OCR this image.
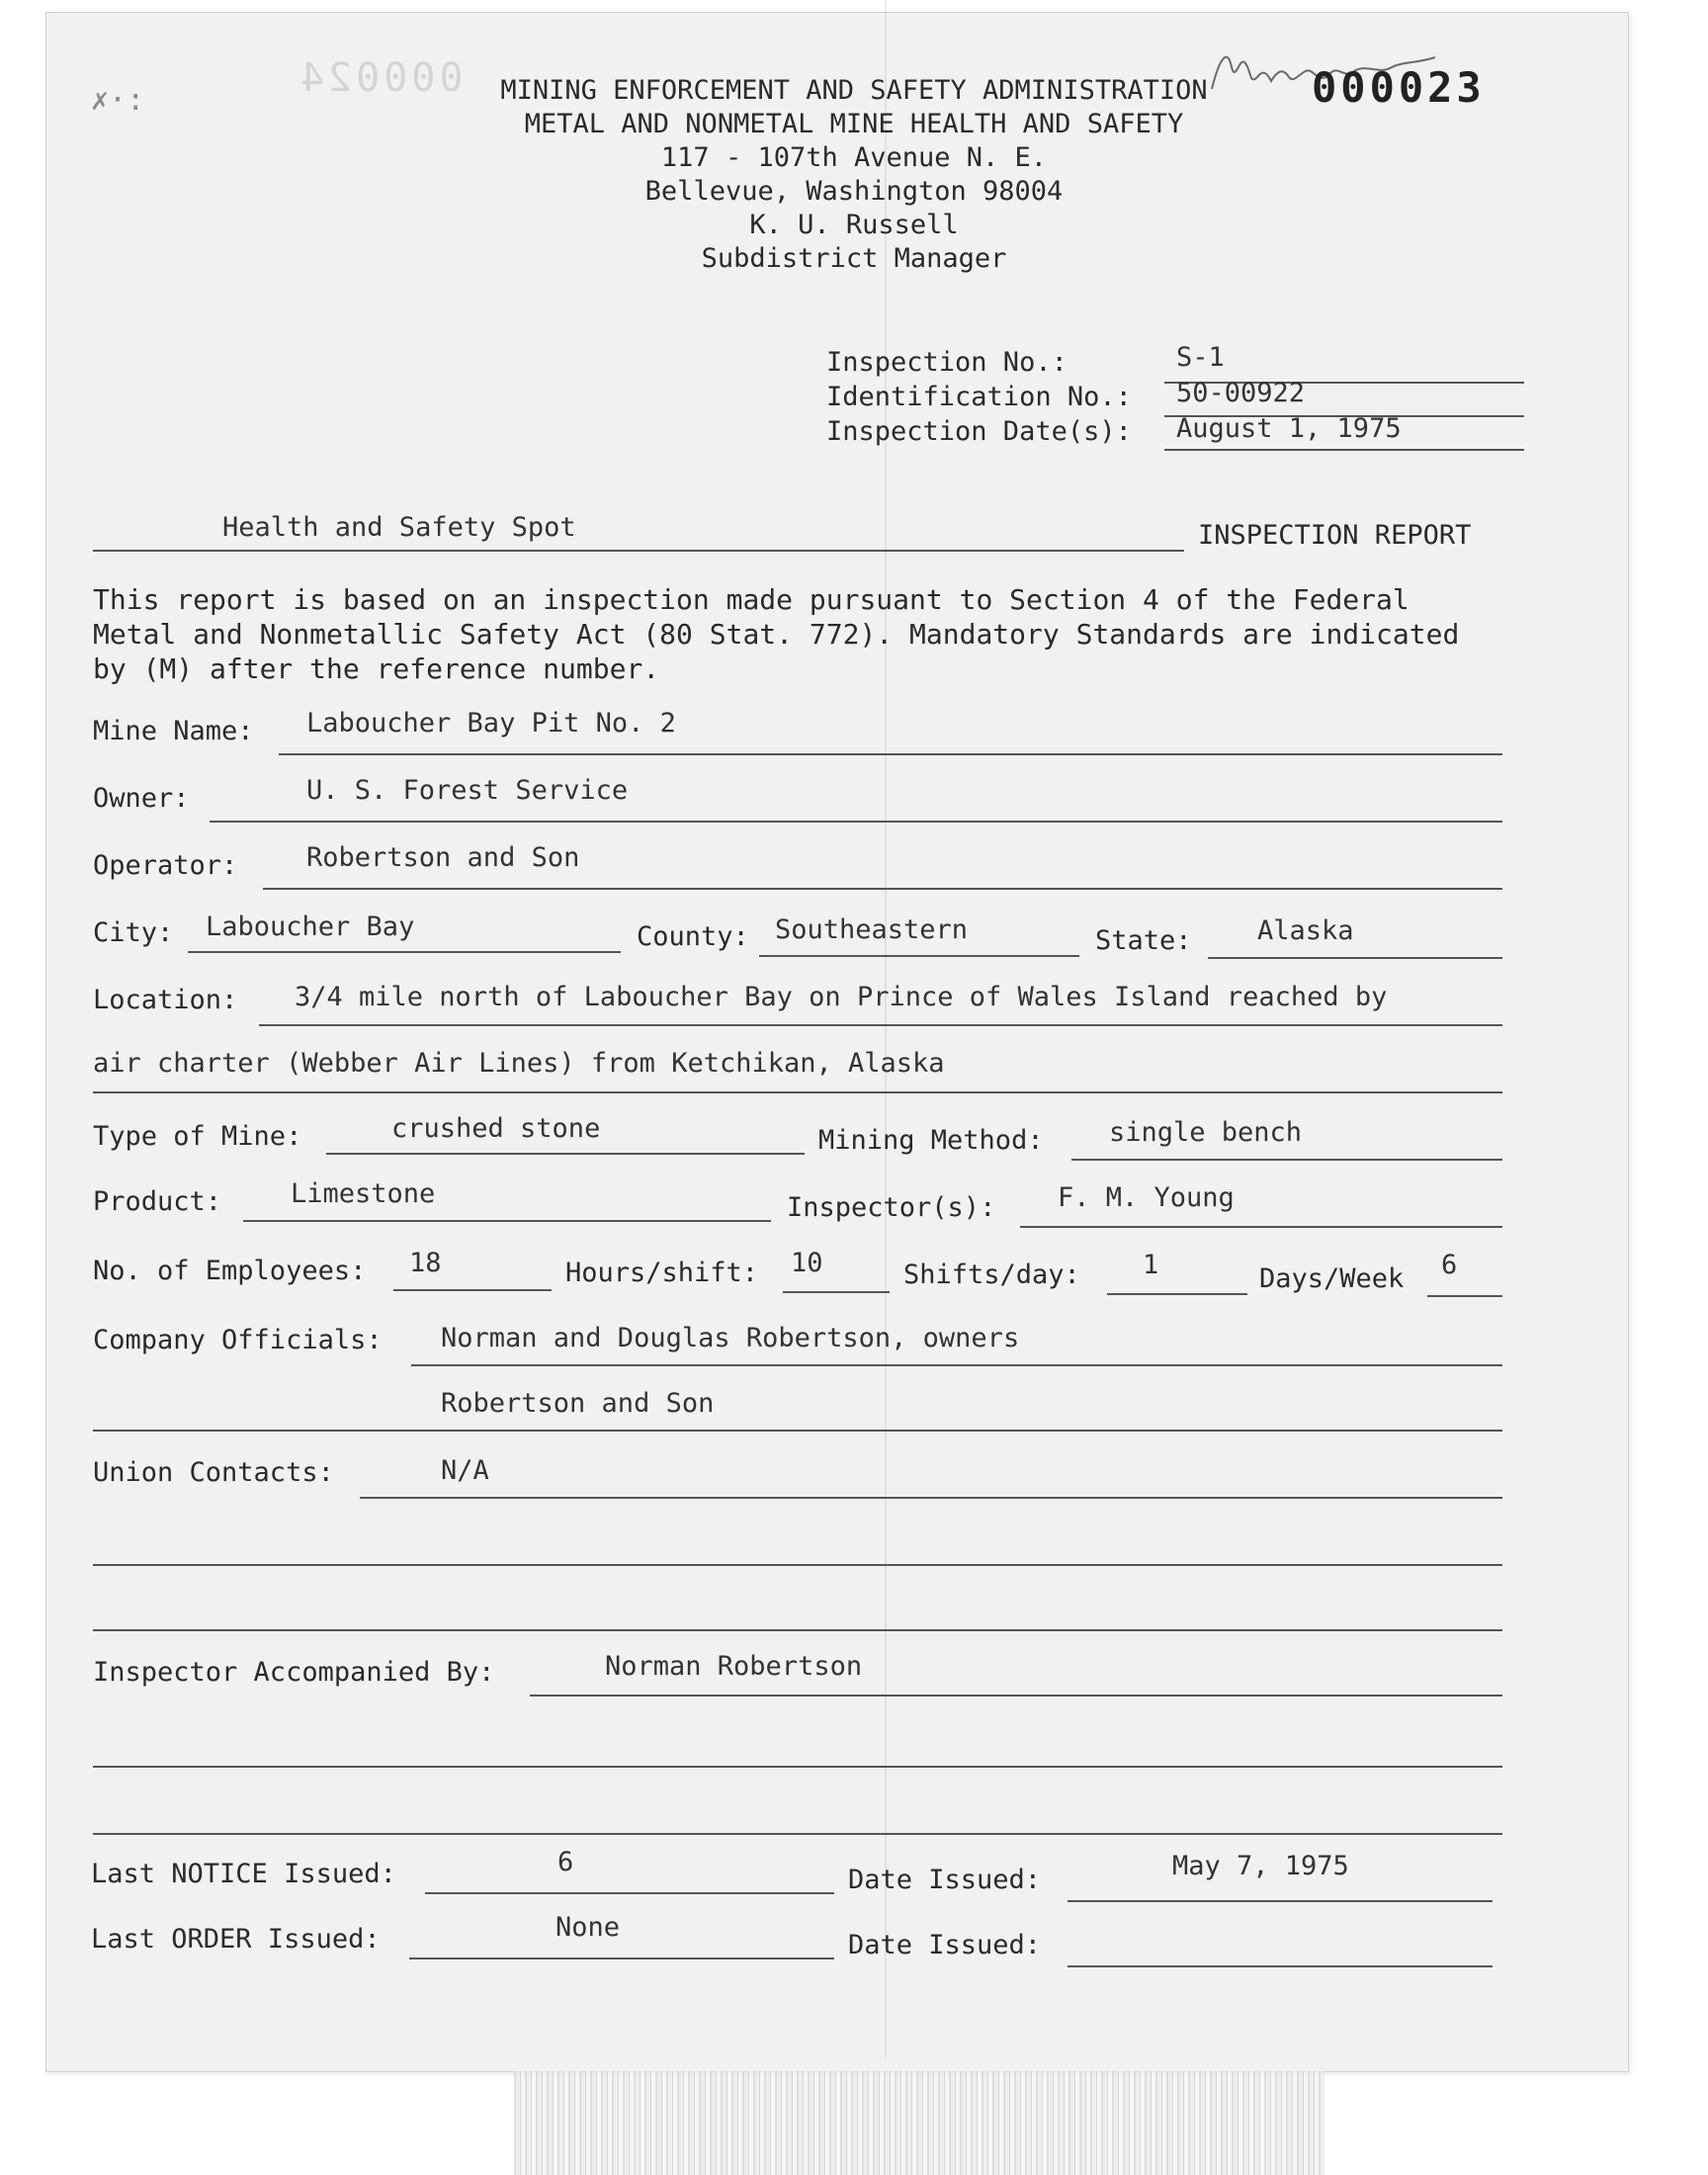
✗·:	000024	000023
MINING ENFORCEMENT AND SAFETY ADMINISTRATION
METAL AND NONMETAL MINE HEALTH AND SAFETY
117 - 107th Avenue N. E.
Bellevue, Washington 98004
K. U. Russell
Subdistrict Manager
Inspection No.:	S-1
Identification No.: 50-00922
Inspection Date(s): August 1, 1975
Health and Safety Spot	INSPECTION REPORT
This report is based on an inspection made pursuant to Section 4 of the Federal
Metal and Nonmetallic Safety Act (80 Stat. 772). Mandatory Standards are indicated
by (M) after the reference number.
Mine Name: Laboucher Bay Pit No. 2
Owner:	U. S. Forest Service
Operator:	Robertson and Son
City: Laboucher Bay	County: Southeastern	State: Alaska
Location: 3/4 mile north of Laboucher Bay on Prince of Wales Island reached by
air charter (Webber Air Lines) from Ketchikan, Alaska
Type of Mine:	crushed stone	Mining Method: single bench
Product:	Limestone	Inspector(s): F. M. Young
No. of Employees: 18	Hours/shift: 10	Shifts/day: 1	Days/Week 6
Company Officials: Norman and Douglas Robertson, owners
Robertson and Son
Union Contacts:	N/A
Inspector Accompanied By:	Norman Robertson
Last NOTICE Issued:	6
Date Issued:	May 7, 1975
Last ORDER Issued:	None
Date Issued:
